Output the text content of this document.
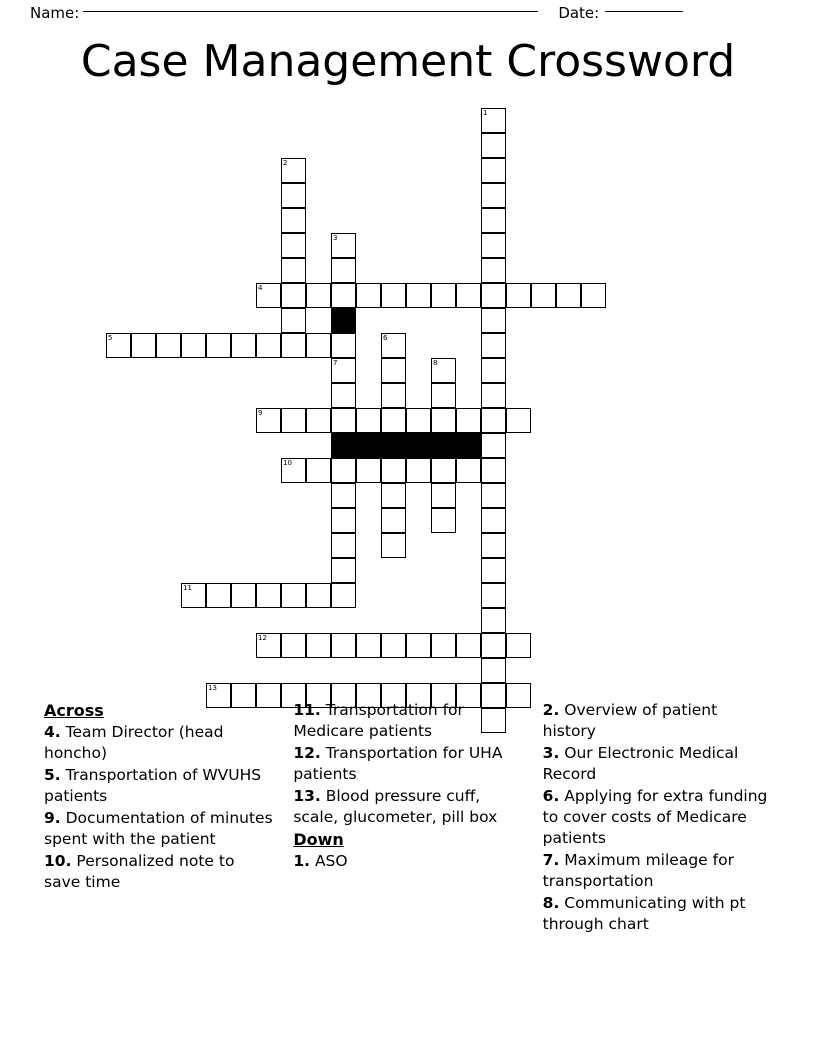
Name:	Date:
Case Management Crossword
1
2
3
4
5	6
7	8
9
10
11
12
13
Across
4. Team Director (head honcho)
5. Transportation of WVUHS patients
9. Documentation of minutes spent with the patient
10. Personalized note to save time
11. Transportation for Medicare patients
12. Transportation for UHA patients
13. Blood pressure cuff, scale, glucometer, pill box
Down
1. ASO
2. Overview of patient history
3. Our Electronic Medical Record
6. Applying for extra funding to cover costs of Medicare patients
7. Maximum mileage for transportation
8. Communicating with pt through chart
